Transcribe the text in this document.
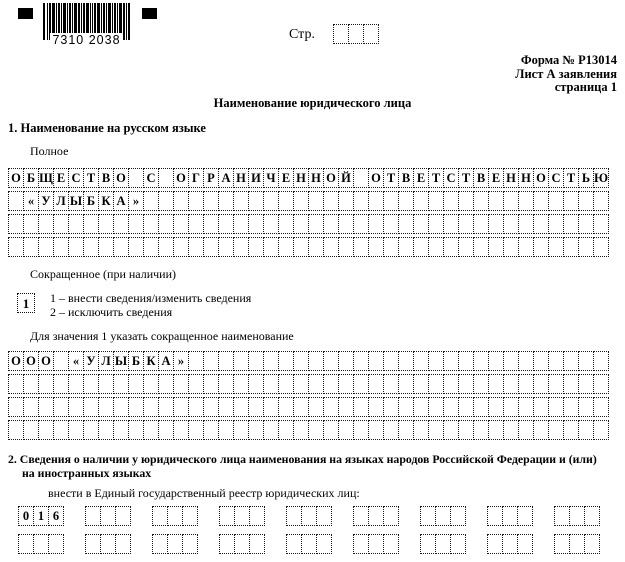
7310 2038	Стр.
Форма № Р13014
Лист А заявления
страница 1
Наименование юридического лица
1. Наименование на русском языке
Полное
О Б Щ Е С Т В О С О Г Р А Н И Ч Е Н Н О Й О Т В Е Т С Т В Е Н Н О С Т Ь Ю
« У Л Ы Б К А »
Сокращенное (при наличии)
1	1 – внести сведения/изменить сведения
2 – исключить сведения
Для значения 1 указать сокращенное наименование
О О О « У Л Ы Б К А »
2. Сведения о наличии у юридического лица наименования на языках народов Российской Федерации и (или)
на иностранных языках
внести в Единый государственный реестр юридических лиц:
0 1 6
